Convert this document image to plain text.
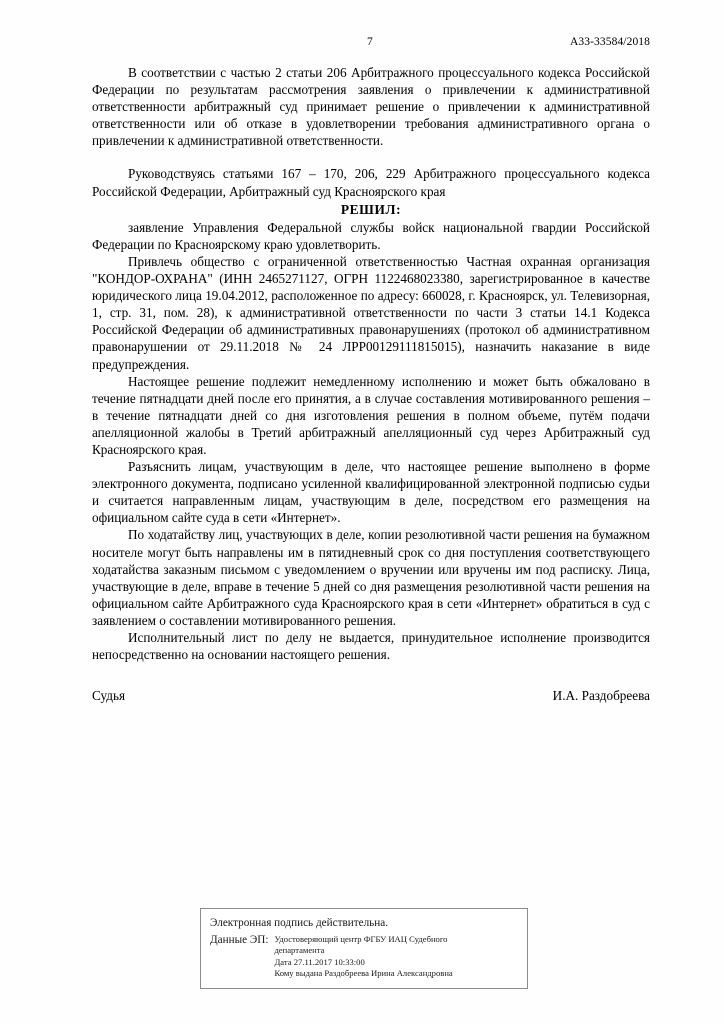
7	А33-33584/2018

В соответствии с частью 2 статьи 206 Арбитражного процессуального кодекса Российской Федерации по результатам рассмотрения заявления о привлечении к административной ответственности арбитражный суд принимает решение о привлечении к административной ответственности или об отказе в удовлетворении требования административного органа о привлечении к административной ответственности.

Руководствуясь статьями 167 – 170, 206, 229 Арбитражного процессуального кодекса Российской Федерации, Арбитражный суд Красноярского края

РЕШИЛ:

заявление Управления Федеральной службы войск национальной гвардии Российской Федерации по Красноярскому краю удовлетворить.

Привлечь общество с ограниченной ответственностью Частная охранная организация "КОНДОР-ОХРАНА" (ИНН 2465271127, ОГРН 1122468023380, зарегистрированное в качестве юридического лица 19.04.2012, расположенное по адресу: 660028, г. Красноярск, ул. Телевизорная, 1, стр. 31, пом. 28), к административной ответственности по части 3 статьи 14.1 Кодекса Российской Федерации об административных правонарушениях (протокол об административном правонарушении от 29.11.2018 № 24 ЛРР00129111815015), назначить наказание в виде предупреждения.

Настоящее решение подлежит немедленному исполнению и может быть обжаловано в течение пятнадцати дней после его принятия, а в случае составления мотивированного решения – в течение пятнадцати дней со дня изготовления решения в полном объеме, путём подачи апелляционной жалобы в Третий арбитражный апелляционный суд через Арбитражный суд Красноярского края.

Разъяснить лицам, участвующим в деле, что настоящее решение выполнено в форме электронного документа, подписано усиленной квалифицированной электронной подписью судьи и считается направленным лицам, участвующим в деле, посредством его размещения на официальном сайте суда в сети «Интернет».

По ходатайству лиц, участвующих в деле, копии резолютивной части решения на бумажном носителе могут быть направлены им в пятидневный срок со дня поступления соответствующего ходатайства заказным письмом с уведомлением о вручении или вручены им под расписку. Лица, участвующие в деле, вправе в течение 5 дней со дня размещения резолютивной части решения на официальном сайте Арбитражного суда Красноярского края в сети «Интернет» обратиться в суд с заявлением о составлении мотивированного решения.

Исполнительный лист по делу не выдается, принудительное исполнение производится непосредственно на основании настоящего решения.

Судья	И.А. Раздобреева
Электронная подпись действительна.
Данные ЭП: Удостоверяющий центр ФГБУ ИАЦ Судебного
департамента
Дата 27.11.2017 10:33:00
Кому выдана Раздобреева Ирина Александровна
